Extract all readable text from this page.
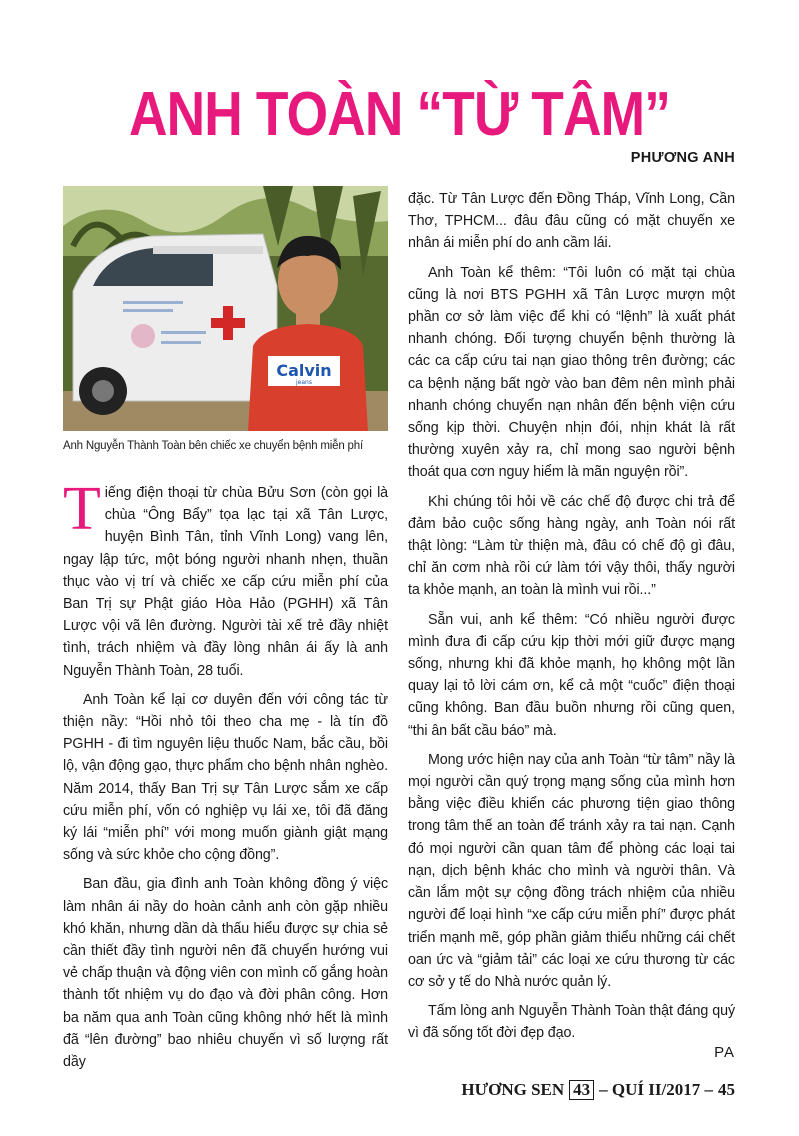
ANH TOÀN “TỪ TÂM”
PHƯƠNG ANH
Calvin
jeans
Anh Nguyễn Thành Toàn bên chiếc xe chuyển bệnh miễn phí

Tiếng điện thoại từ chùa Bửu Sơn (còn gọi là chùa “Ông Bẩy” tọa lạc tại xã Tân Lược, huyện Bình Tân, tỉnh Vĩnh Long) vang lên, ngay lập tức, một bóng người nhanh nhẹn, thuần thục vào vị trí và chiếc xe cấp cứu miễn phí của Ban Trị sự Phật giáo Hòa Hảo (PGHH) xã Tân Lược vội vã lên đường. Người tài xế trẻ đầy nhiệt tình, trách nhiệm và đầy lòng nhân ái ấy là anh Nguyễn Thành Toàn, 28 tuổi.

Anh Toàn kể lại cơ duyên đến với công tác từ thiện nầy: “Hồi nhỏ tôi theo cha mẹ - là tín đồ PGHH - đi tìm nguyên liệu thuốc Nam, bắc cầu, bồi lộ, vận động gạo, thực phẩm cho bệnh nhân nghèo. Năm 2014, thấy Ban Trị sự Tân Lược sắm xe cấp cứu miễn phí, vốn có nghiệp vụ lái xe, tôi đã đăng ký lái “miễn phí” với mong muốn giành giật mạng sống và sức khỏe cho cộng đồng”.

Ban đầu, gia đình anh Toàn không đồng ý việc làm nhân ái nầy do hoàn cảnh anh còn gặp nhiều khó khăn, nhưng dần dà thấu hiểu được sự chia sẻ cần thiết đầy tình người nên đã chuyển hướng vui vẻ chấp thuận và động viên con mình cố gắng hoàn thành tốt nhiệm vụ do đạo và đời phân công. Hơn ba năm qua anh Toàn cũng không nhớ hết là mình đã “lên đường” bao nhiêu chuyến vì số lượng rất dầy

đặc. Từ Tân Lược đến Đồng Tháp, Vĩnh Long, Cần Thơ, TPHCM... đâu đâu cũng có mặt chuyến xe nhân ái miễn phí do anh cầm lái.

Anh Toàn kể thêm: “Tôi luôn có mặt tại chùa cũng là nơi BTS PGHH xã Tân Lược mượn một phần cơ sở làm việc để khi có “lệnh” là xuất phát nhanh chóng. Đối tượng chuyển bệnh thường là các ca cấp cứu tai nạn giao thông trên đường; các ca bệnh nặng bất ngờ vào ban đêm nên mình phải nhanh chóng chuyển nạn nhân đến bệnh viện cứu sống kịp thời. Chuyện nhịn đói, nhịn khát là rất thường xuyên xảy ra, chỉ mong sao người bệnh thoát qua cơn nguy hiểm là mãn nguyện rồi”.

Khi chúng tôi hỏi về các chế độ được chi trả để đảm bảo cuộc sống hàng ngày, anh Toàn nói rất thật lòng: “Làm từ thiện mà, đâu có chế độ gì đâu, chỉ ăn cơm nhà rồi cứ làm tới vậy thôi, thấy người ta khỏe mạnh, an toàn là mình vui rồi...”

Sẵn vui, anh kể thêm: “Có nhiều người được mình đưa đi cấp cứu kịp thời mới giữ được mạng sống, nhưng khi đã khỏe mạnh, họ không một lần quay lại tỏ lời cám ơn, kể cả một “cuốc” điện thoại cũng không. Ban đầu buồn nhưng rồi cũng quen, “thi ân bất cầu báo” mà.

Mong ước hiện nay của anh Toàn “từ tâm” nầy là mọi người cần quý trọng mạng sống của mình hơn bằng việc điều khiển các phương tiện giao thông trong tâm thế an toàn để tránh xảy ra tai nạn. Cạnh đó mọi người cần quan tâm để phòng các loại tai nạn, dịch bệnh khác cho mình và người thân. Và cần lắm một sự cộng đồng trách nhiệm của nhiều người để loại hình “xe cấp cứu miễn phí” được phát triển mạnh mẽ, góp phần giảm thiểu những cái chết oan ức và “giảm tải” các loại xe cứu thương từ các cơ sở y tế do Nhà nước quản lý.

Tấm lòng anh Nguyễn Thành Toàn thật đáng quý vì đã sống tốt đời đẹp đạo.

PA
HƯƠNG SEN 43 – QUÍ II/2017 – 45
